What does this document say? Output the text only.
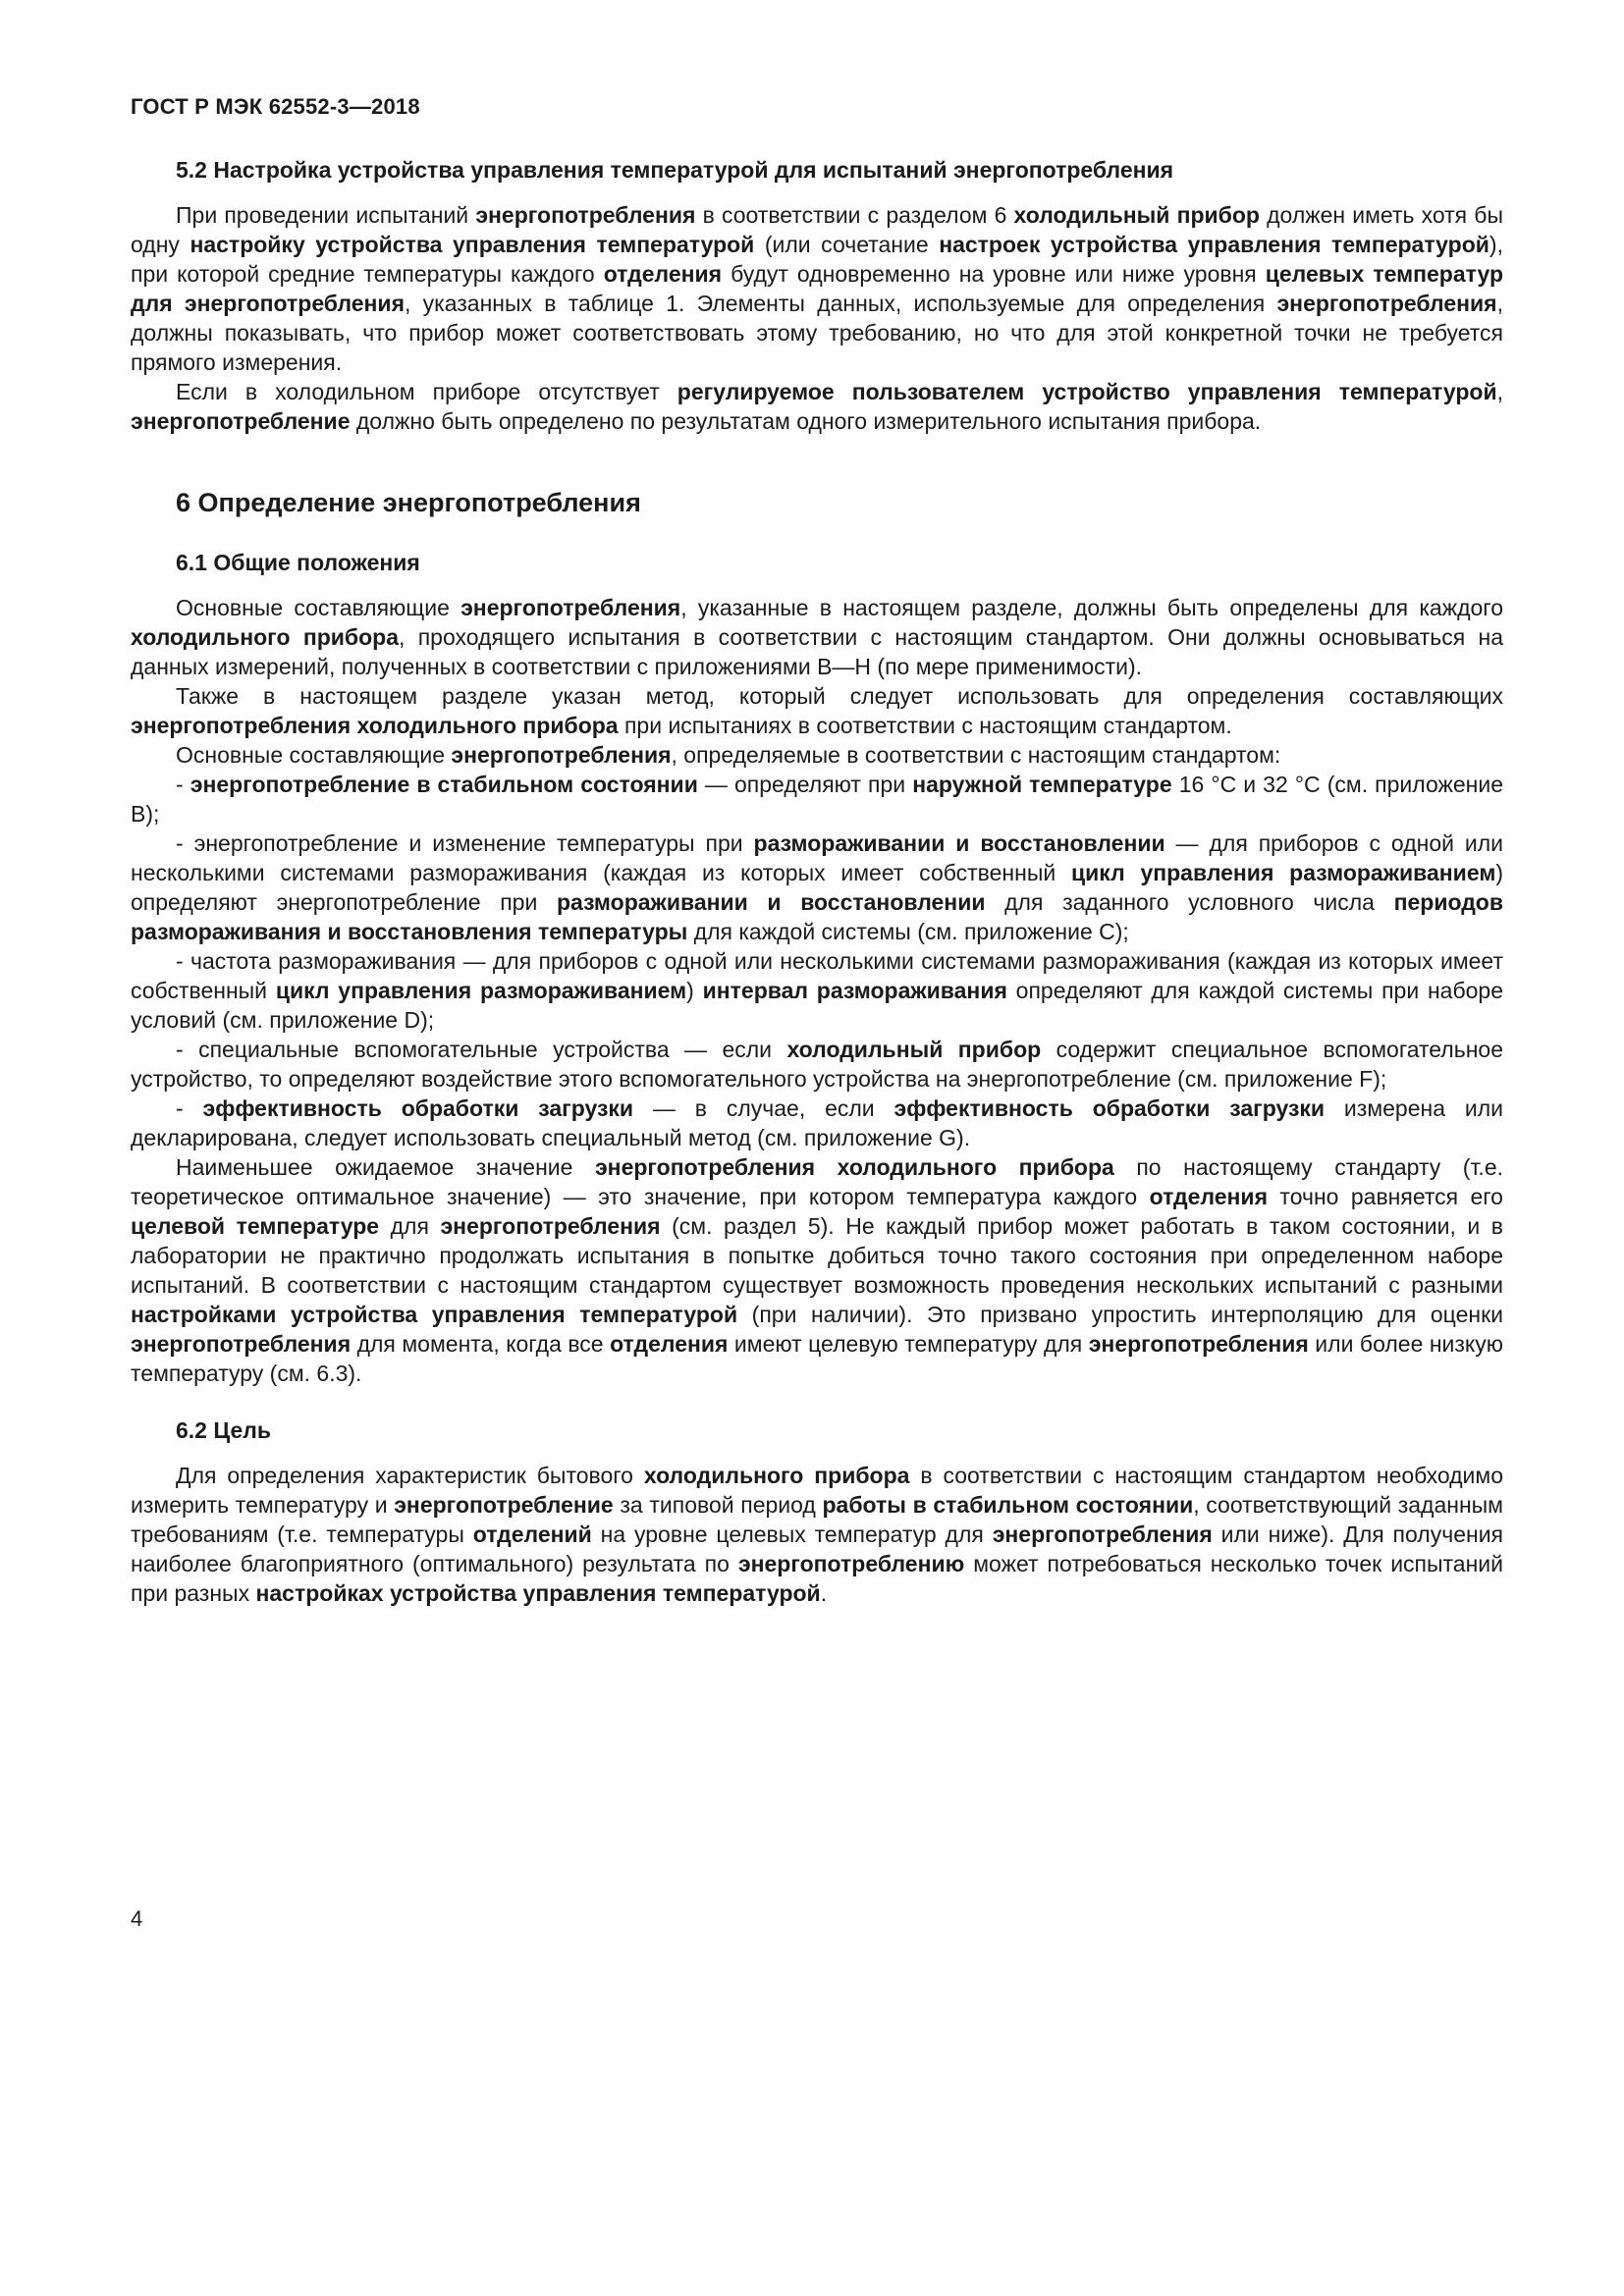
ГОСТ Р МЭК 62552-3—2018
5.2 Настройка устройства управления температурой для испытаний энергопотребления

При проведении испытаний энергопотребления в соответствии с разделом 6 холодильный прибор должен иметь хотя бы одну настройку устройства управления температурой (или сочетание настроек устройства управления температурой), при которой средние температуры каждого отделения будут одновременно на уровне или ниже уровня целевых температур для энергопотребления, указанных в таблице 1. Элементы данных, используемые для определения энергопотребления, должны показывать, что прибор может соответствовать этому требованию, но что для этой конкретной точки не требуется прямого измерения.

Если в холодильном приборе отсутствует регулируемое пользователем устройство управления температурой, энергопотребление должно быть определено по результатам одного измерительного испытания прибора.

6 Определение энергопотребления
6.1 Общие положения

Основные составляющие энергопотребления, указанные в настоящем разделе, должны быть определены для каждого холодильного прибора, проходящего испытания в соответствии с настоящим стандартом. Они должны основываться на данных измерений, полученных в соответствии с приложениями B—H (по мере применимости).

Также в настоящем разделе указан метод, который следует использовать для определения составляющих энергопотребления холодильного прибора при испытаниях в соответствии с настоящим стандартом.

Основные составляющие энергопотребления, определяемые в соответствии с настоящим стандартом:

- энергопотребление в стабильном состоянии — определяют при наружной температуре 16 °C и 32 °C (см. приложение B);

- энергопотребление и изменение температуры при размораживании и восстановлении — для приборов с одной или несколькими системами размораживания (каждая из которых имеет собственный цикл управления размораживанием) определяют энергопотребление при размораживании и восстановлении для заданного условного числа периодов размораживания и восстановления температуры для каждой системы (см. приложение C);

- частота размораживания — для приборов с одной или несколькими системами размораживания (каждая из которых имеет собственный цикл управления размораживанием) интервал размораживания определяют для каждой системы при наборе условий (см. приложение D);

- специальные вспомогательные устройства — если холодильный прибор содержит специальное вспомогательное устройство, то определяют воздействие этого вспомогательного устройства на энергопотребление (см. приложение F);

- эффективность обработки загрузки — в случае, если эффективность обработки загрузки измерена или декларирована, следует использовать специальный метод (см. приложение G).

Наименьшее ожидаемое значение энергопотребления холодильного прибора по настоящему стандарту (т.е. теоретическое оптимальное значение) — это значение, при котором температура каждого отделения точно равняется его целевой температуре для энергопотребления (см. раздел 5). Не каждый прибор может работать в таком состоянии, и в лаборатории не практично продолжать испытания в попытке добиться точно такого состояния при определенном наборе испытаний. В соответствии с настоящим стандартом существует возможность проведения нескольких испытаний с разными настройками устройства управления температурой (при наличии). Это призвано упростить интерполяцию для оценки энергопотребления для момента, когда все отделения имеют целевую температуру для энергопотребления или более низкую температуру (см. 6.3).

6.2 Цель

Для определения характеристик бытового холодильного прибора в соответствии с настоящим стандартом необходимо измерить температуру и энергопотребление за типовой период работы в стабильном состоянии, соответствующий заданным требованиям (т.е. температуры отделений на уровне целевых температур для энергопотребления или ниже). Для получения наиболее благоприятного (оптимального) результата по энергопотреблению может потребоваться несколько точек испытаний при разных настройках устройства управления температурой.

4
